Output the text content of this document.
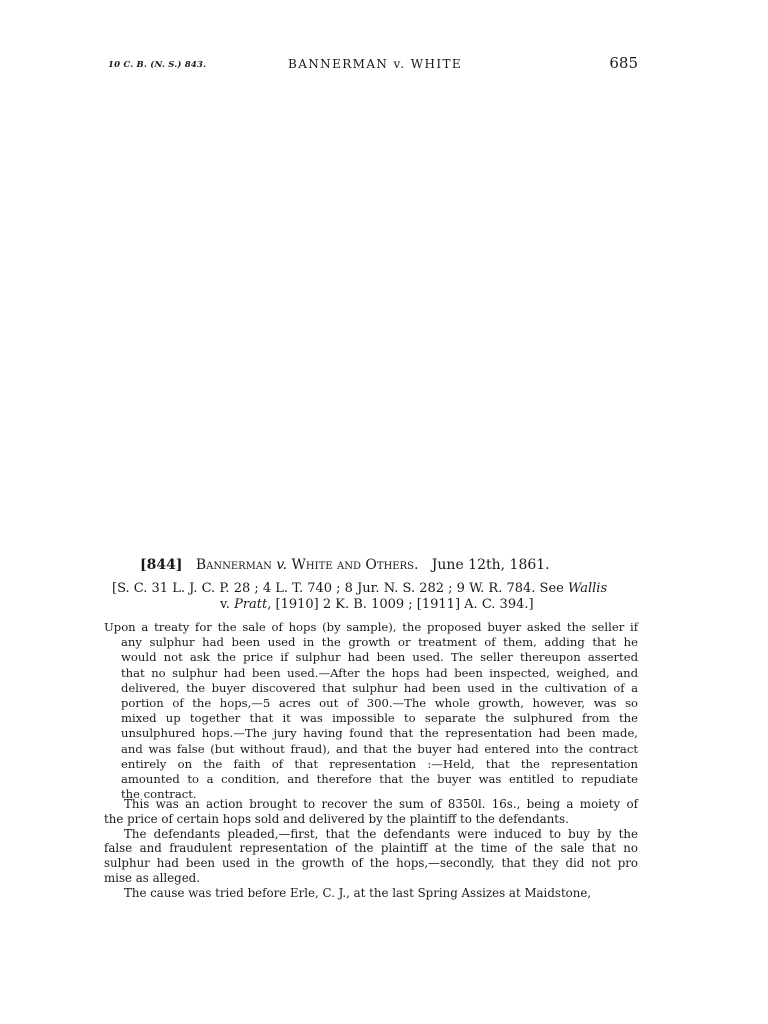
10 C. B. (N. S.) 843.	BANNERMAN v. WHITE	685
[844] Bannerman v. White and Others. June 12th, 1861.
[S. C. 31 L. J. C. P. 28 ; 4 L. T. 740 ; 8 Jur. N. S. 282 ; 9 W. R. 784. See Wallis
v. Pratt, [1910] 2 K. B. 1009 ; [1911] A. C. 394.]
Upon a treaty for the sale of hops (by sample), the proposed buyer asked the seller if
any sulphur had been used in the growth or treatment of them, adding that he
would not ask the price if sulphur had been used. The seller thereupon asserted
that no sulphur had been used.—After the hops had been inspected, weighed, and
delivered, the buyer discovered that sulphur had been used in the cultivation of a
portion of the hops,—5 acres out of 300.—The whole growth, however, was so
mixed up together that it was impossible to separate the sulphured from the
unsulphured hops.—The jury having found that the representation had been made,
and was false (but without fraud), and that the buyer had entered into the contract
entirely on the faith of that representation :—Held, that the representation
amounted to a condition, and therefore that the buyer was entitled to repudiate
the contract.
This was an action brought to recover the sum of 8350l. 16s., being a moiety of
the price of certain hops sold and delivered by the plaintiff to the defendants.
The defendants pleaded,—first, that the defendants were induced to buy by the
false and fraudulent representation of the plaintiff at the time of the sale that no
sulphur had been used in the growth of the hops,—secondly, that they did not pro
mise as alleged.
The cause was tried before Erle, C. J., at the last Spring Assizes at Maidstone,
